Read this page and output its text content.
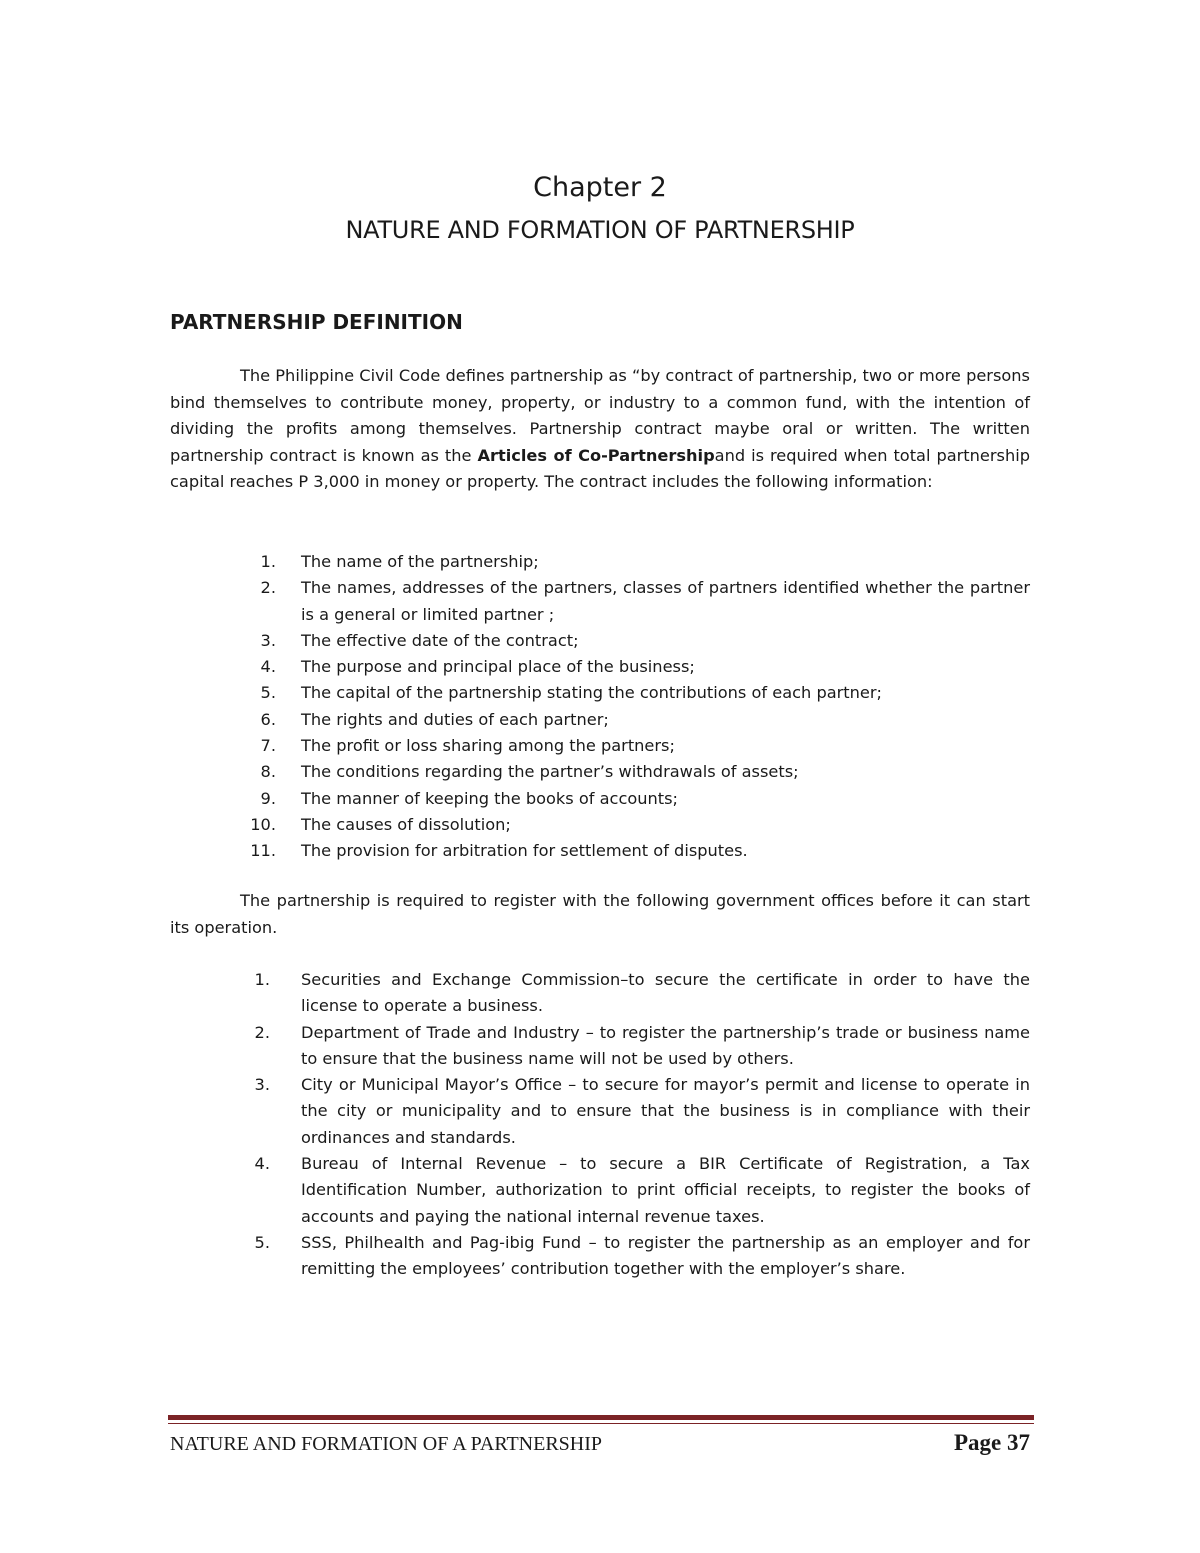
Chapter 2
NATURE AND FORMATION OF PARTNERSHIP
PARTNERSHIP DEFINITION
The Philippine Civil Code defines partnership as “by contract of partnership, two or more persons bind themselves to contribute money, property, or industry to a common fund, with the intention of dividing the profits among themselves. Partnership contract maybe oral or written. The written partnership contract is known as the Articles of Co-Partnershipand is required when total partnership capital reaches P 3,000 in money or property. The contract includes the following information:
1. The name of the partnership;
2. The names, addresses of the partners, classes of partners identified whether the partner is a general or limited partner ;
3. The effective date of the contract;
4. The purpose and principal place of the business;
5. The capital of the partnership stating the contributions of each partner;
6. The rights and duties of each partner;
7. The profit or loss sharing among the partners;
8. The conditions regarding the partner’s withdrawals of assets;
9. The manner of keeping the books of accounts;
10. The causes of dissolution;
11. The provision for arbitration for settlement of disputes.
The partnership is required to register with the following government offices before it can start its operation.
1. Securities and Exchange Commission–to secure the certificate in order to have the license to operate a business.
2. Department of Trade and Industry – to register the partnership’s trade or business name to ensure that the business name will not be used by others.
3. City or Municipal Mayor’s Office – to secure for mayor’s permit and license to operate in the city or municipality and to ensure that the business is in compliance with their ordinances and standards.
4. Bureau of Internal Revenue – to secure a BIR Certificate of Registration, a Tax Identification Number, authorization to print official receipts, to register the books of accounts and paying the national internal revenue taxes.
5. SSS, Philhealth and Pag-ibig Fund – to register the partnership as an employer and for remitting the employees’ contribution together with the employer’s share.
NATURE AND FORMATION OF A PARTNERSHIP	Page 37
